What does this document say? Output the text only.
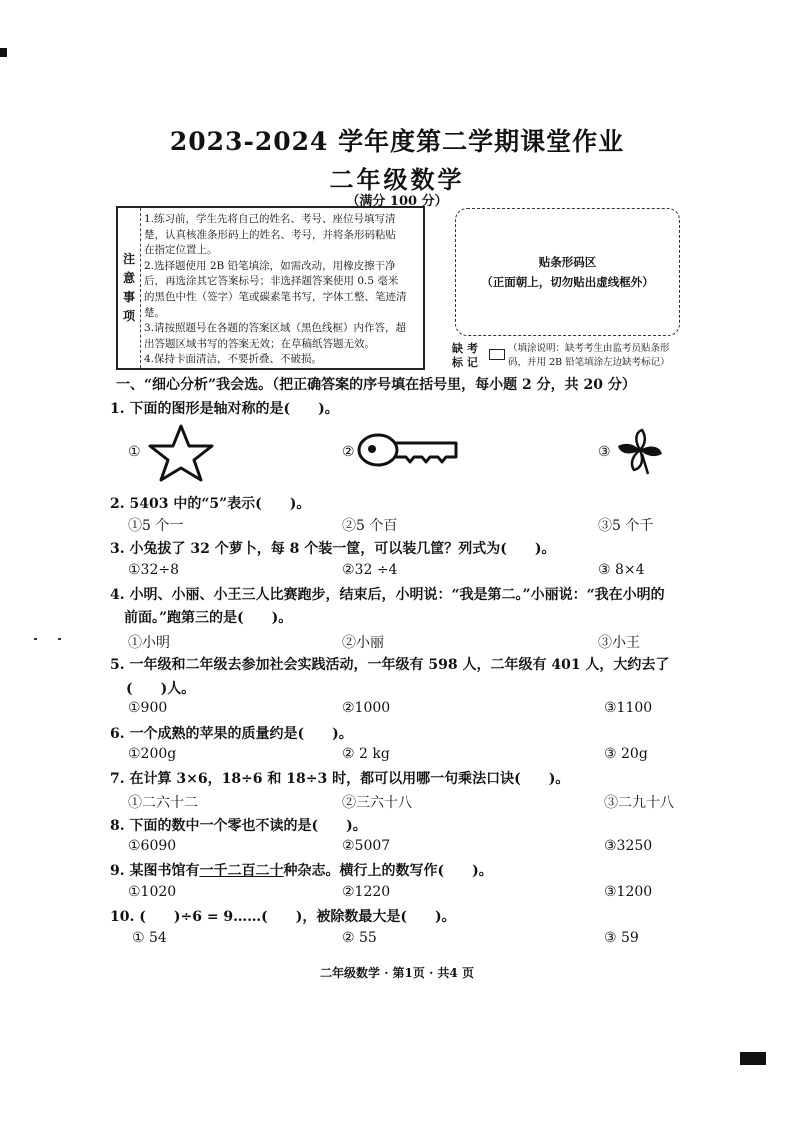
2023-2024 学年度第二学期课堂作业
二年级数学
（满分 100 分）
注
意
事
项
1.练习前，学生先将自己的姓名、考号、座位号填写清
楚，认真核准条形码上的姓名、考号，并将条形码粘贴
在指定位置上。
2.选择题使用 2B 铅笔填涂，如需改动，用橡皮擦干净
后，再选涂其它答案标号；非选择题答案使用 0.5 毫米
的黑色中性（签字）笔或碳素笔书写，字体工整、笔迹清
楚。
3.请按照题号在各题的答案区域（黑色线框）内作答，超
出答题区域书写的答案无效；在草稿纸答题无效。
4.保持卡面清洁，不要折叠、不破损。
贴条形码区
（正面朝上，切勿贴出虚线框外）
缺 考
标 记
（填涂说明：缺考考生由监考员贴条形
码，并用 2B 铅笔填涂左边缺考标记）
一、“细心分析”我会选。（把正确答案的序号填在括号里，每小题 2 分，共 20 分）
1. 下面的图形是轴对称的是(　　)。
①	②	③
2. 5403 中的“5”表示(　　)。
①5 个一	②5 个百	③5 个千
3. 小兔拔了 32 个萝卜，每 8 个装一筐，可以装几筐？列式为(　　)。
①32÷8	②32 ÷4	③ 8×4
4. 小明、小丽、小王三人比赛跑步，结束后，小明说：“我是第二。”小丽说：“我在小明的
前面。”跑第三的是(　　)。
①小明	②小丽	③小王
5. 一年级和二年级去参加社会实践活动，一年级有 598 人，二年级有 401 人，大约去了
(　　)人。
①900	②1000	③1100
6. 一个成熟的苹果的质量约是(　　)。
①200g	② 2 kg	③ 20g
7. 在计算 3×6，18÷6 和 18÷3 时，都可以用哪一句乘法口诀(　　)。
①二六十二	②三六十八	③二九十八
8. 下面的数中一个零也不读的是(　　)。
①6090	②5007	③3250
9. 某图书馆有一千二百二十种杂志。横行上的数写作(　　)。
①1020	②1220	③1200
10. (　　)÷6 = 9……(　　)，被除数最大是(　　)。
① 54	② 55	③ 59
二年级数学 · 第1页 · 共4 页
